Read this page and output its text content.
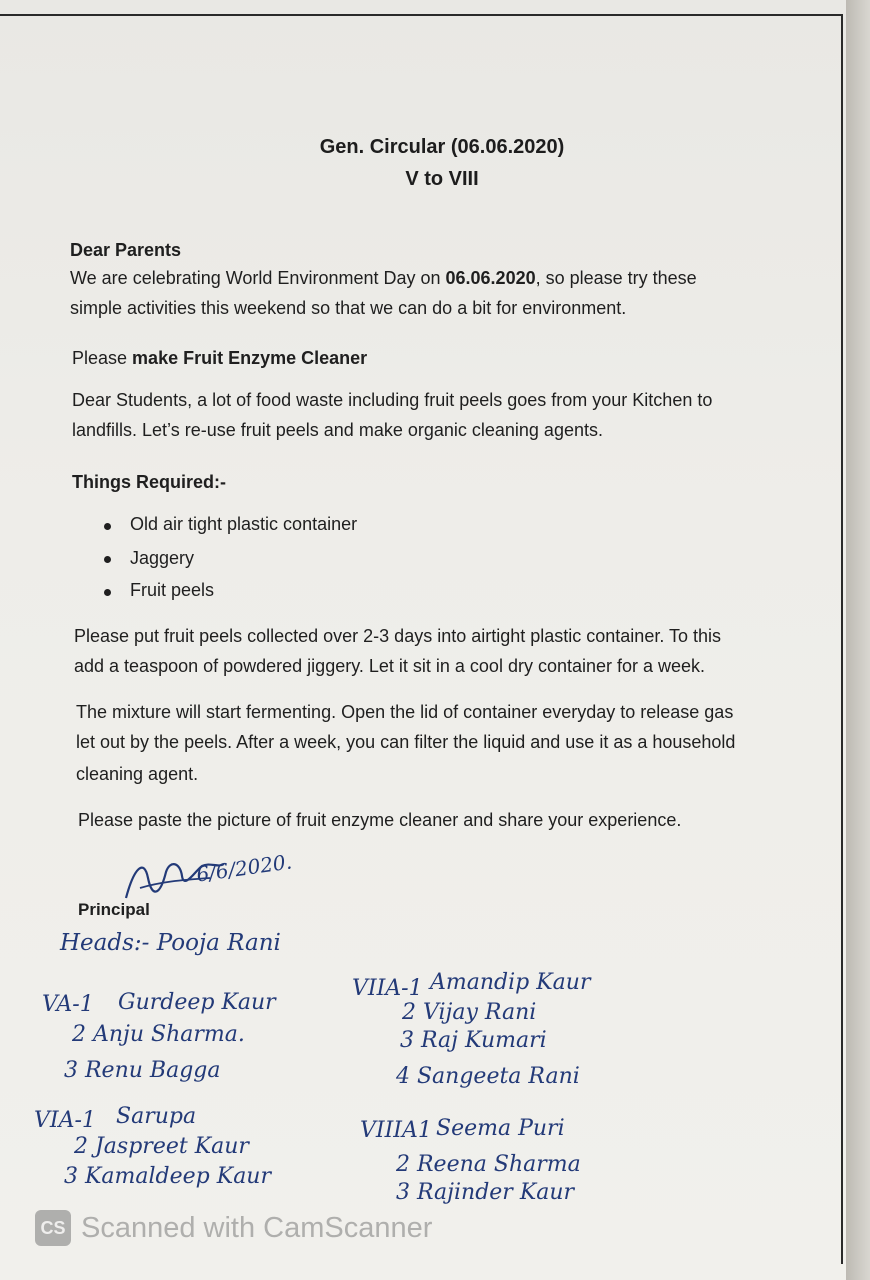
Gen. Circular (06.06.2020)
V to VIII
Dear Parents
We are celebrating World Environment Day on 06.06.2020, so please try these
simple activities this weekend so that we can do a bit for environment.
Please make Fruit Enzyme Cleaner
Dear Students, a lot of food waste including fruit peels goes from your Kitchen to
landfills. Let’s re-use fruit peels and make organic cleaning agents.
Things Required:-
Old air tight plastic container
Jaggery
Fruit peels
Please put fruit peels collected over 2-3 days into airtight plastic container. To this
add a teaspoon of powdered jiggery. Let it sit in a cool dry container for a week.
The mixture will start fermenting. Open the lid of container everyday to release gas
let out by the peels. After a week, you can filter the liquid and use it as a household
cleaning agent.
Please paste the picture of fruit enzyme cleaner and share your experience.
6/6/2020.
Principal
Heads:- Pooja Rani
VA-1 Gurdeep Kaur
2 Anju Sharma.
3 Renu Bagga
VIA-1 Sarupa
2 Jaspreet Kaur
3 Kamaldeep Kaur
VIIA-1 Amandip Kaur
2 Vijay Rani
3 Raj Kumari
4 Sangeeta Rani
VIIIA1 Seema Puri
2 Reena Sharma
3 Rajinder Kaur
CS Scanned with CamScanner
